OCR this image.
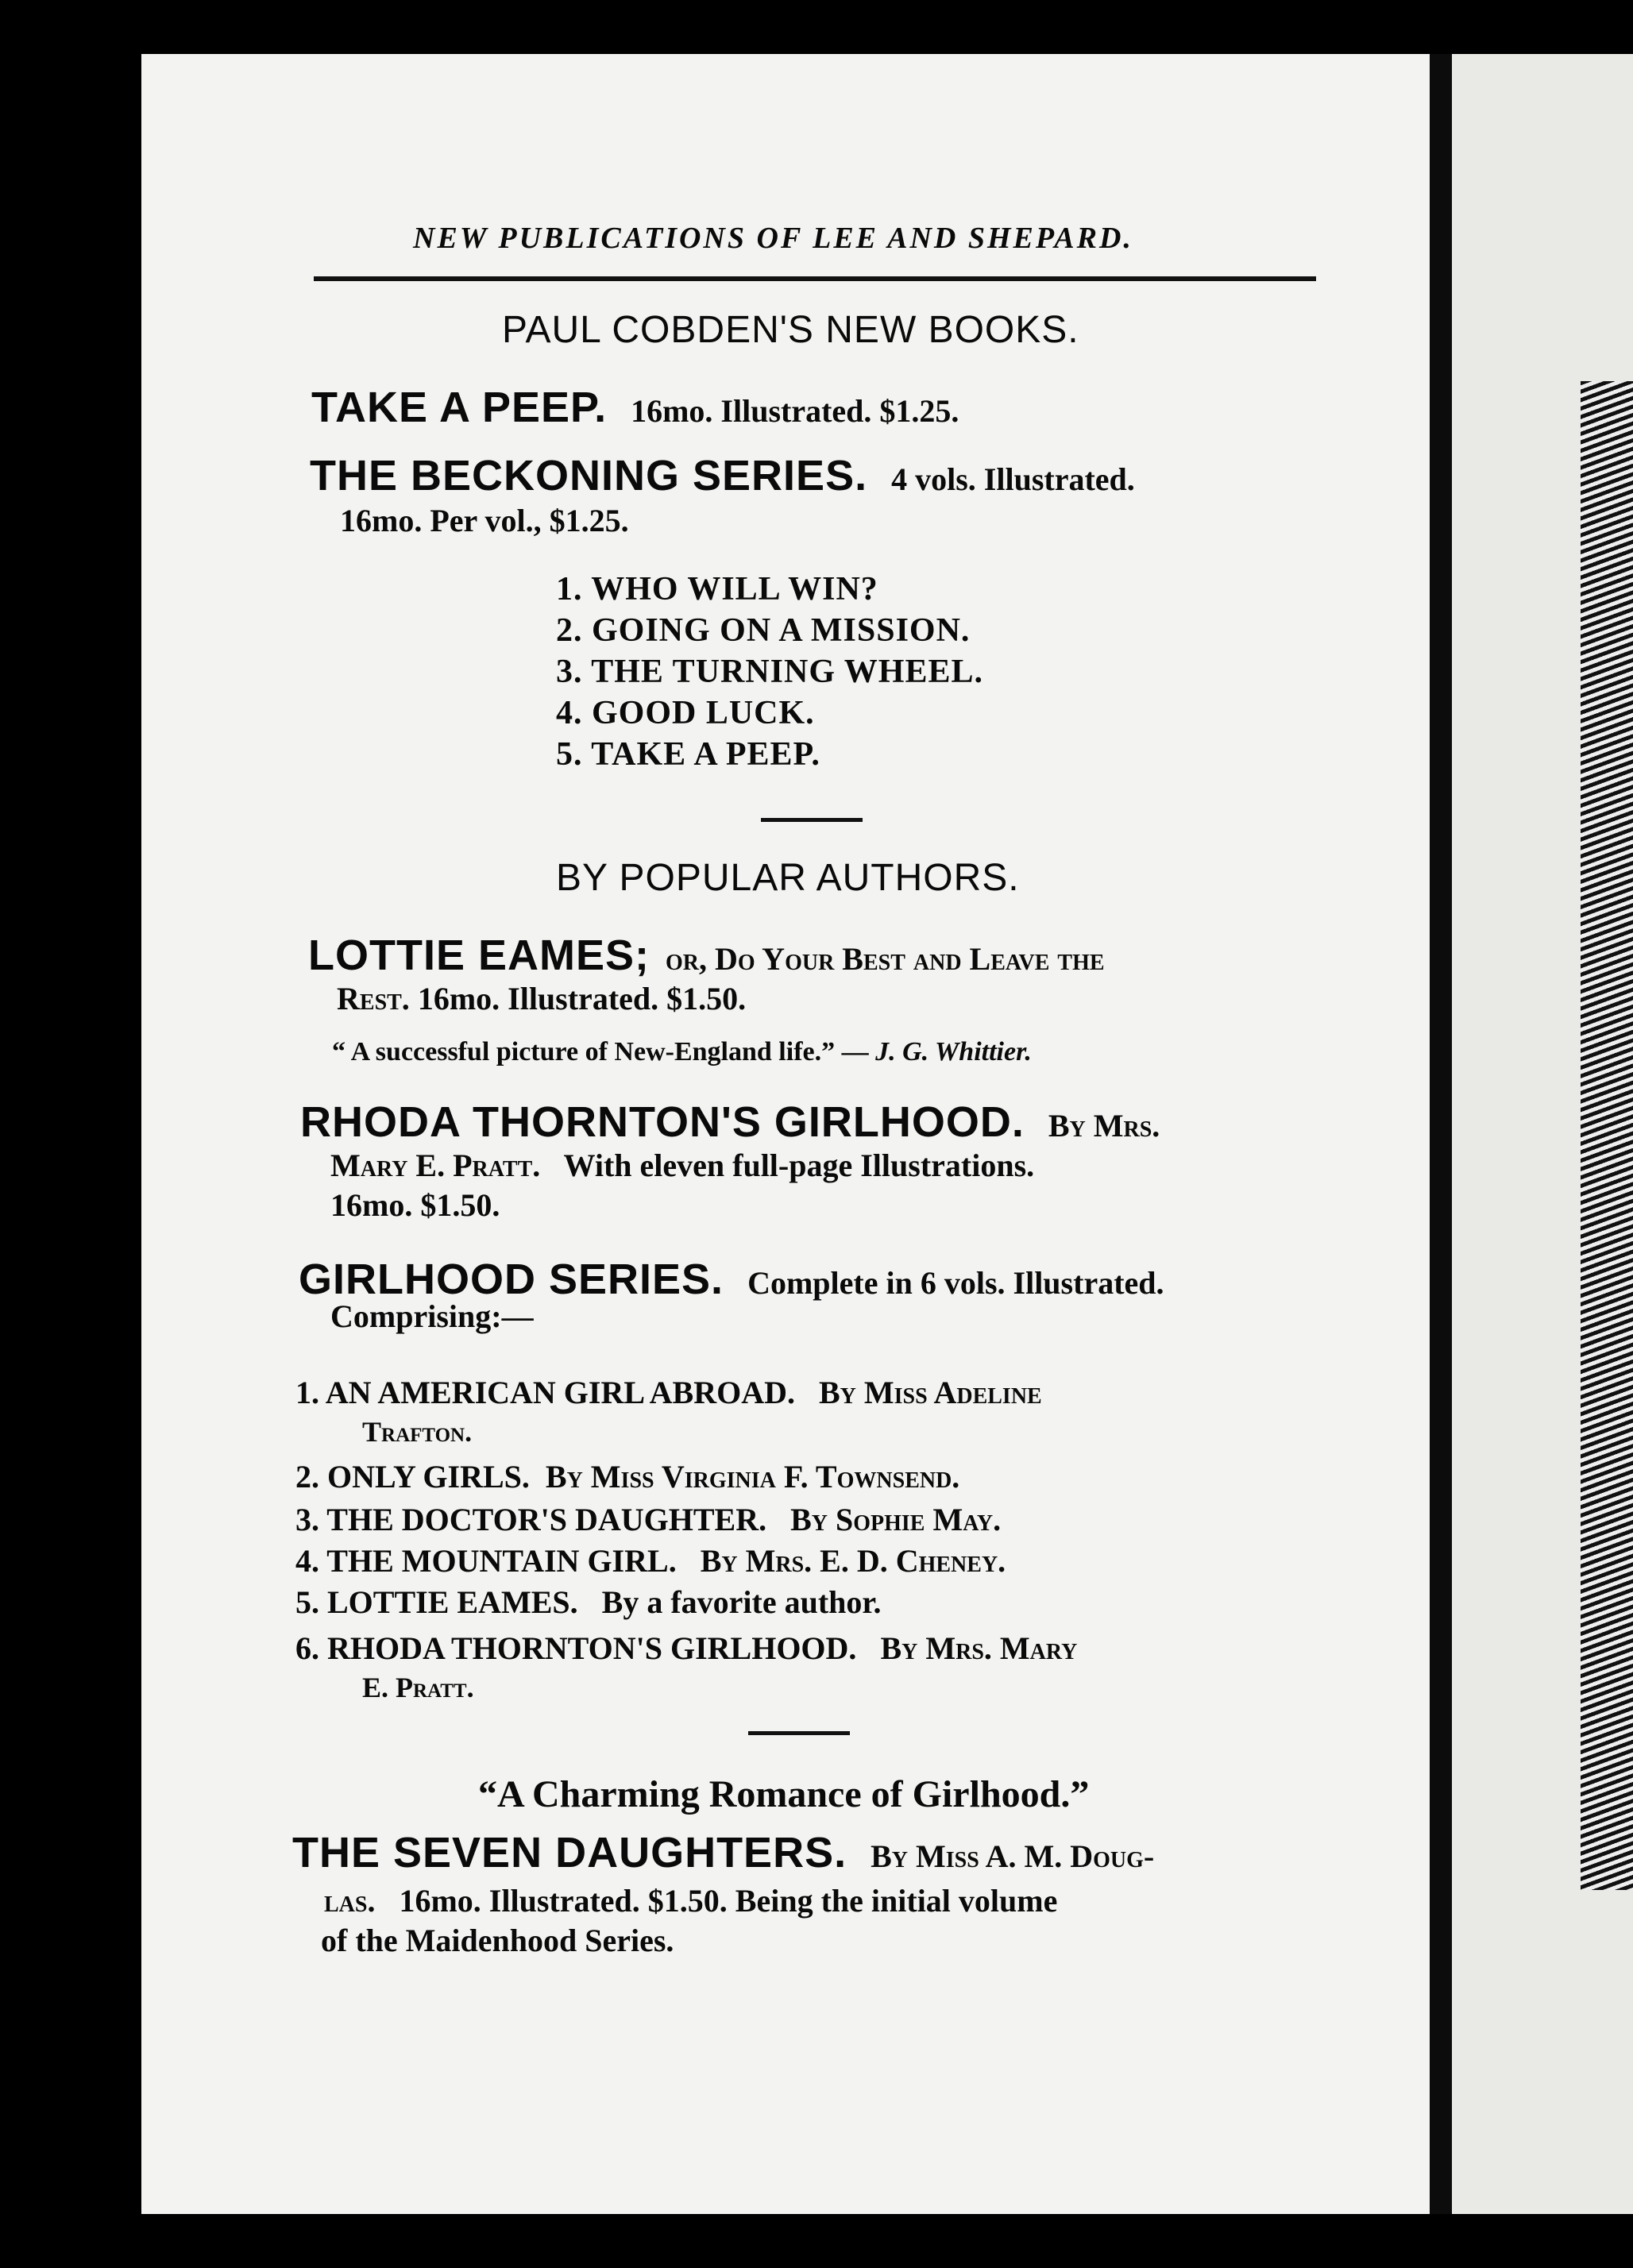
NEW PUBLICATIONS OF LEE AND SHEPARD.
PAUL COBDEN'S NEW BOOKS.
TAKE A PEEP. 16mo. Illustrated. $1.25.
THE BECKONING SERIES. 4 vols. Illustrated.
16mo. Per vol., $1.25.
1. WHO WILL WIN?
2. GOING ON A MISSION.
3. THE TURNING WHEEL.
4. GOOD LUCK.
5. TAKE A PEEP.
BY POPULAR AUTHORS.
LOTTIE EAMES; or, Do Your Best and Leave the
Rest. 16mo. Illustrated. $1.50.
“ A successful picture of New-England life.” — J. G. Whittier.
RHODA THORNTON'S GIRLHOOD. By Mrs.
Mary E. Pratt. With eleven full-page Illustrations.
16mo. $1.50.
GIRLHOOD SERIES. Complete in 6 vols. Illustrated.
Comprising:—
1. AN AMERICAN GIRL ABROAD. By Miss Adeline
Trafton.
2. ONLY GIRLS. By Miss Virginia F. Townsend.
3. THE DOCTOR'S DAUGHTER. By Sophie May.
4. THE MOUNTAIN GIRL. By Mrs. E. D. Cheney.
5. LOTTIE EAMES. By a favorite author.
6. RHODA THORNTON'S GIRLHOOD. By Mrs. Mary
E. Pratt.
“A Charming Romance of Girlhood.”
THE SEVEN DAUGHTERS. By Miss A. M. Doug-
las. 16mo. Illustrated. $1.50. Being the initial volume
of the Maidenhood Series.
